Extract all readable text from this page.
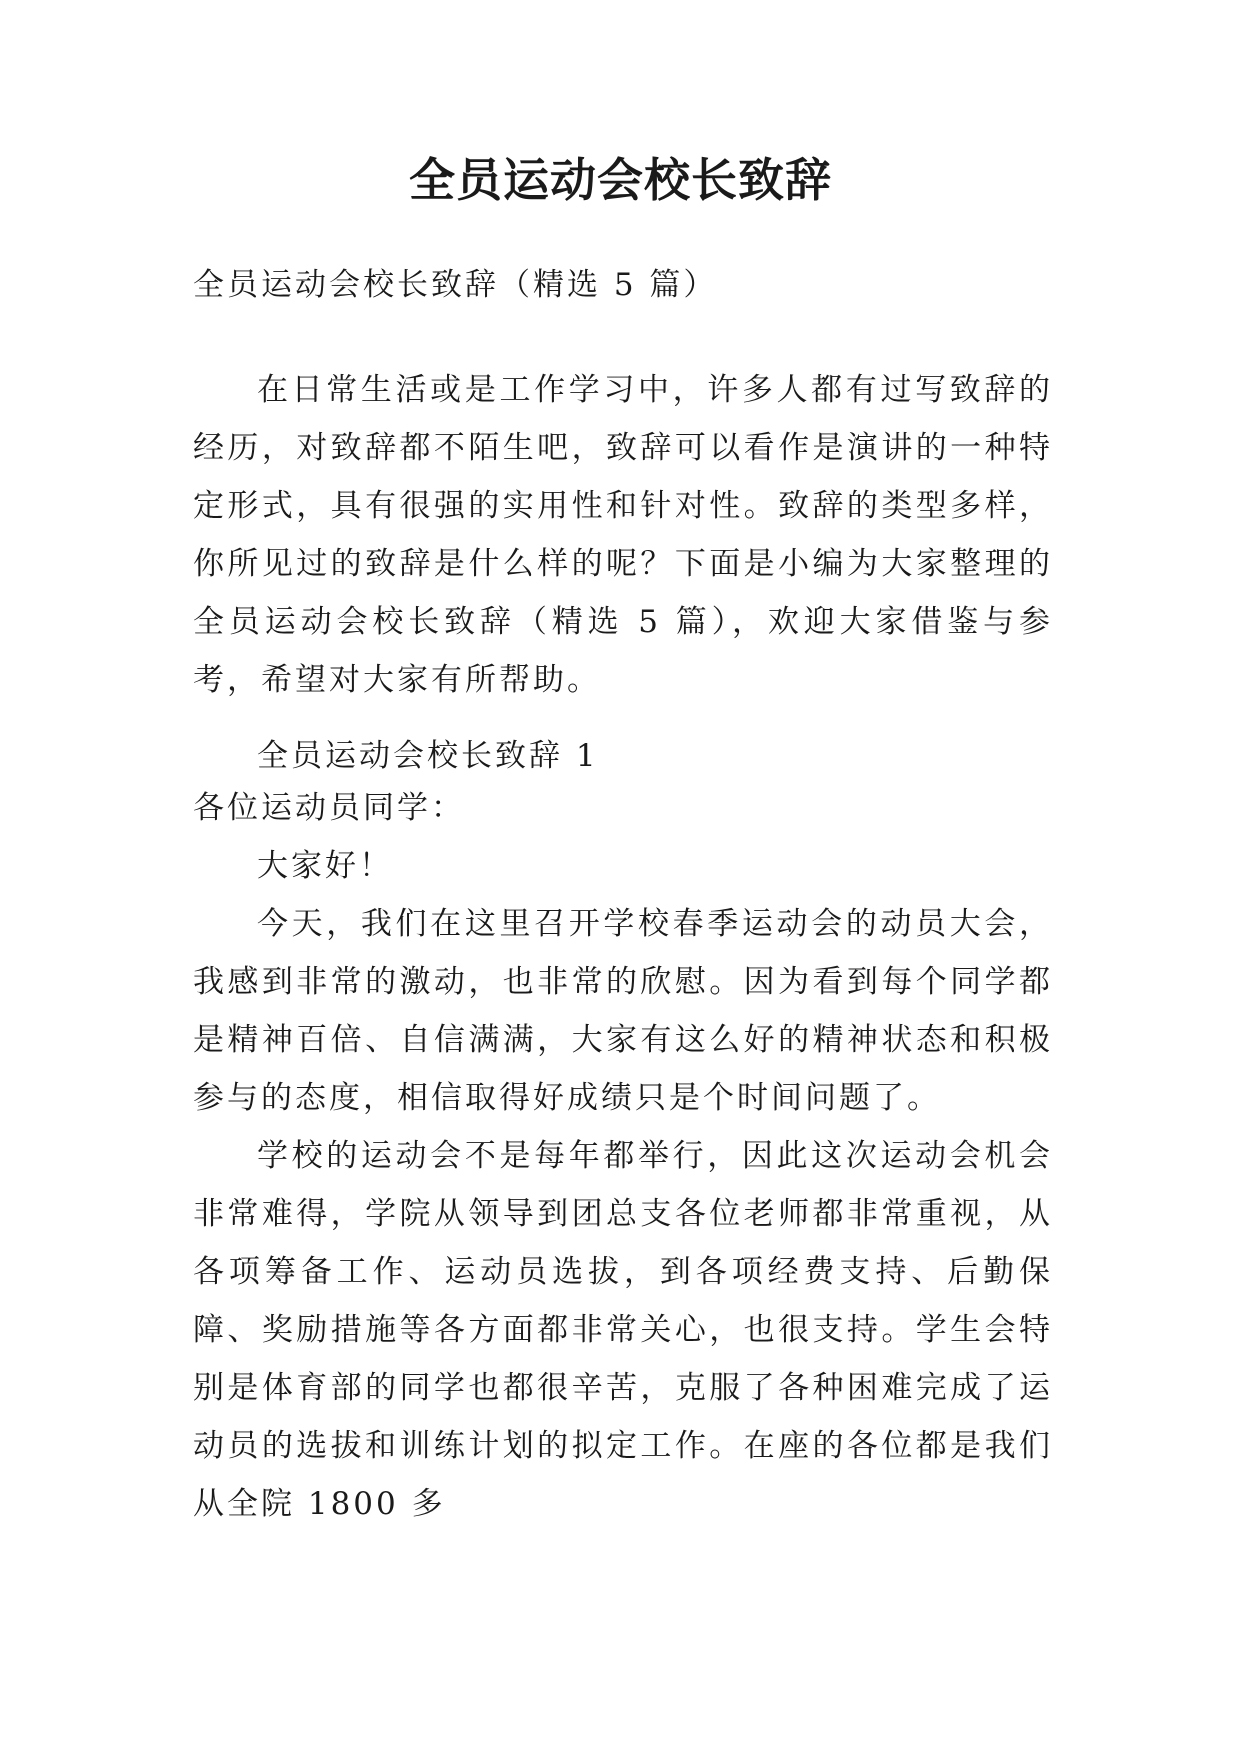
全员运动会校长致辞

全员运动会校长致辞（精选 5 篇）

在日常生活或是工作学习中，许多人都有过写致辞的经历，对致辞都不陌生吧，致辞可以看作是演讲的一种特定形式，具有很强的实用性和针对性。致辞的类型多样，你所见过的致辞是什么样的呢？下面是小编为大家整理的全员运动会校长致辞（精选 5 篇），欢迎大家借鉴与参考，希望对大家有所帮助。

全员运动会校长致辞 1

各位运动员同学：

大家好！

今天，我们在这里召开学校春季运动会的动员大会，我感到非常的激动，也非常的欣慰。因为看到每个同学都是精神百倍、自信满满，大家有这么好的精神状态和积极参与的态度，相信取得好成绩只是个时间问题了。

学校的运动会不是每年都举行，因此这次运动会机会非常难得，学院从领导到团总支各位老师都非常重视，从各项筹备工作、运动员选拔，到各项经费支持、后勤保障、奖励措施等各方面都非常关心，也很支持。学生会特别是体育部的同学也都很辛苦，克服了各种困难完成了运动员的选拔和训练计划的拟定工作。在座的各位都是我们从全院 1800 多
